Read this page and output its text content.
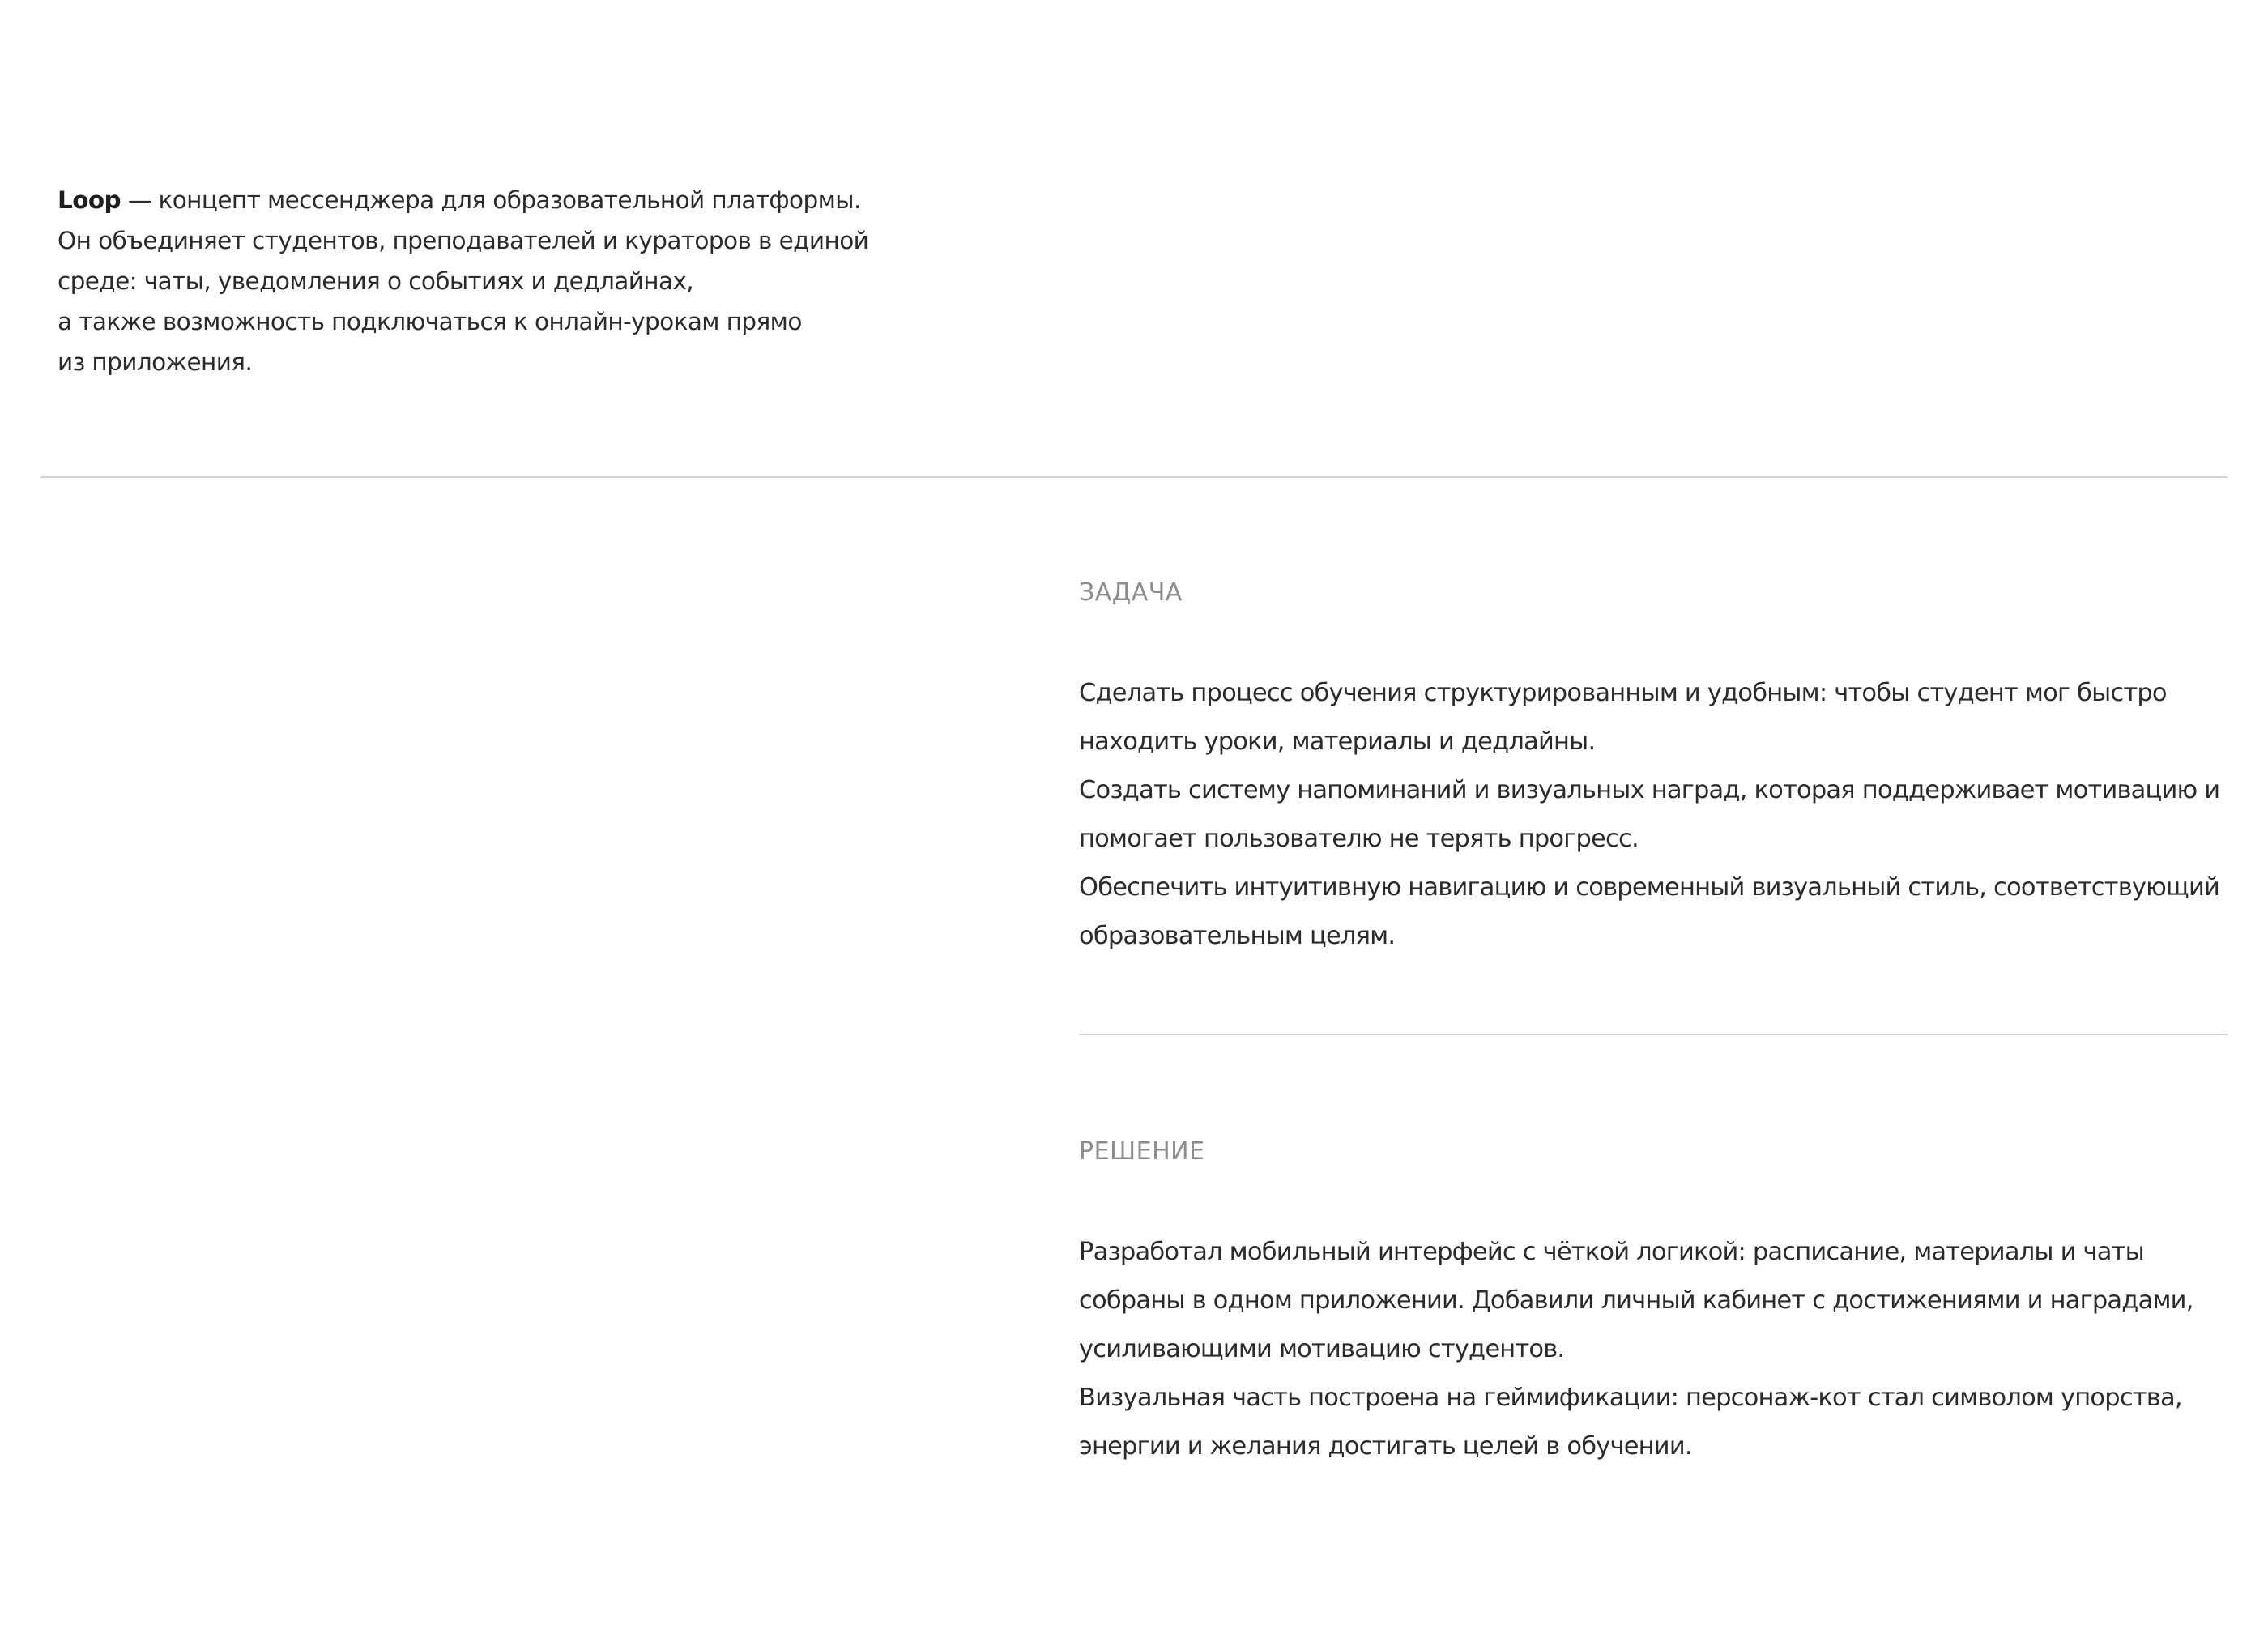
Loop — концепт мессенджера для образовательной платформы.
Он объединяет студентов, преподавателей и кураторов в единой
среде: чаты, уведомления о событиях и дедлайнах,
а также возможность подключаться к онлайн-урокам прямо
из приложения.
ЗАДАЧА
Сделать процесс обучения структурированным и удобным: чтобы студент мог быстро
находить уроки, материалы и дедлайны.
Создать систему напоминаний и визуальных наград, которая поддерживает мотивацию и
помогает пользователю не терять прогресс.
Обеспечить интуитивную навигацию и современный визуальный стиль, соответствующий
образовательным целям.
РЕШЕНИЕ
Разработал мобильный интерфейс с чёткой логикой: расписание, материалы и чаты
собраны в одном приложении. Добавили личный кабинет с достижениями и наградами,
усиливающими мотивацию студентов.
Визуальная часть построена на геймификации: персонаж-кот стал символом упорства,
энергии и желания достигать целей в обучении.
